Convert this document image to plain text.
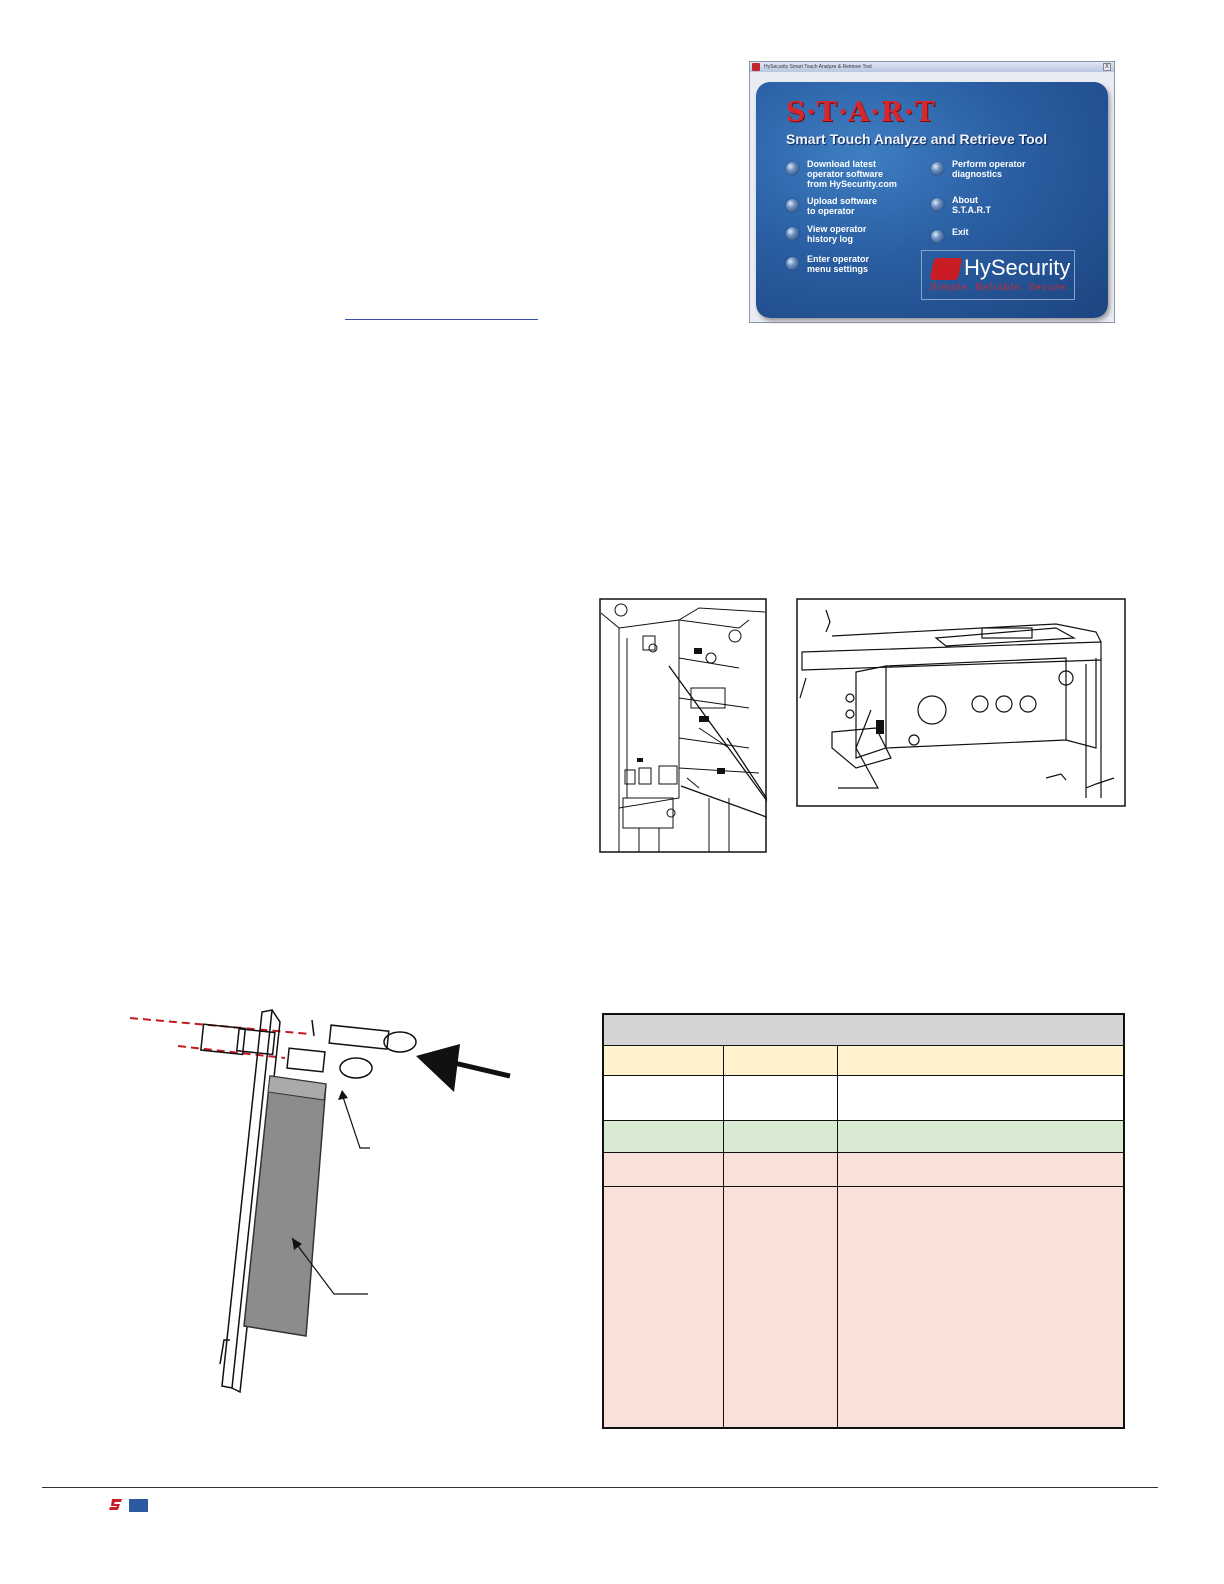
HySecurity Smart Touch Analyze & Retrieve Tool	X
S·T·A·R·T
Smart Touch Analyze and Retrieve Tool
Download latest
operator software
from HySecurity.com
Upload software
to operator
View operator
history log
Enter operator
menu settings
Perform operator
diagnostics
About
S.T.A.R.T
Exit
HySecurity
Simple. Reliable. Secure.
